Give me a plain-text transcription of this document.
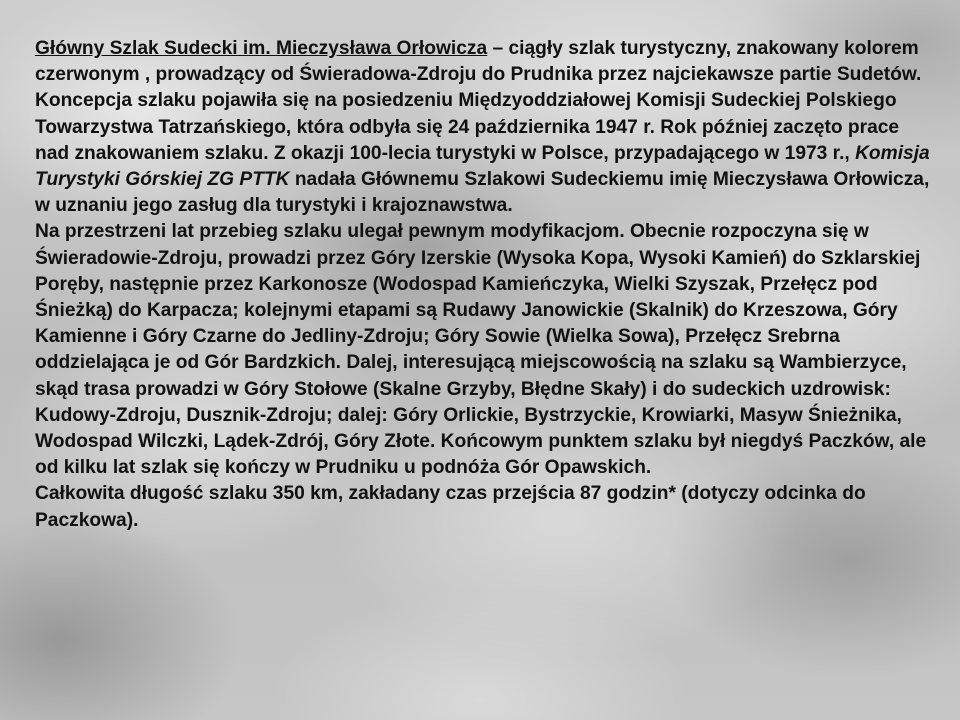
Główny Szlak Sudecki im. Mieczysława Orłowicza – ciągły szlak turystyczny, znakowany kolorem czerwonym , prowadzący od Świeradowa-Zdroju do Prudnika przez najciekawsze partie Sudetów.

Koncepcja szlaku pojawiła się na posiedzeniu Międzyoddziałowej Komisji Sudeckiej Polskiego Towarzystwa Tatrzańskiego, która odbyła się 24 października 1947 r. Rok później zaczęto prace nad znakowaniem szlaku. Z okazji 100-lecia turystyki w Polsce, przypadającego w 1973 r., Komisja Turystyki Górskiej ZG PTTK nadała Głównemu Szlakowi Sudeckiemu imię Mieczysława Orłowicza, w uznaniu jego zasług dla turystyki i krajoznawstwa.

Na przestrzeni lat przebieg szlaku ulegał pewnym modyfikacjom. Obecnie rozpoczyna się w Świeradowie-Zdroju, prowadzi przez Góry Izerskie (Wysoka Kopa, Wysoki Kamień) do Szklarskiej Poręby, następnie przez Karkonosze (Wodospad Kamieńczyka, Wielki Szyszak, Przełęcz pod Śnieżką) do Karpacza; kolejnymi etapami są Rudawy Janowickie (Skalnik) do Krzeszowa, Góry Kamienne i Góry Czarne do Jedliny-Zdroju; Góry Sowie (Wielka Sowa), Przełęcz Srebrna oddzielająca je od Gór Bardzkich. Dalej, interesującą miejscowością na szlaku są Wambierzyce, skąd trasa prowadzi w Góry Stołowe (Skalne Grzyby, Błędne Skały) i do sudeckich uzdrowisk: Kudowy-Zdroju, Dusznik-Zdroju; dalej: Góry Orlickie, Bystrzyckie, Krowiarki, Masyw Śnieżnika, Wodospad Wilczki, Lądek-Zdrój, Góry Złote. Końcowym punktem szlaku był niegdyś Paczków, ale od kilku lat szlak się kończy w Prudniku u podnóża Gór Opawskich.

Całkowita długość szlaku 350 km, zakładany czas przejścia 87 godzin* (dotyczy odcinka do Paczkowa).
